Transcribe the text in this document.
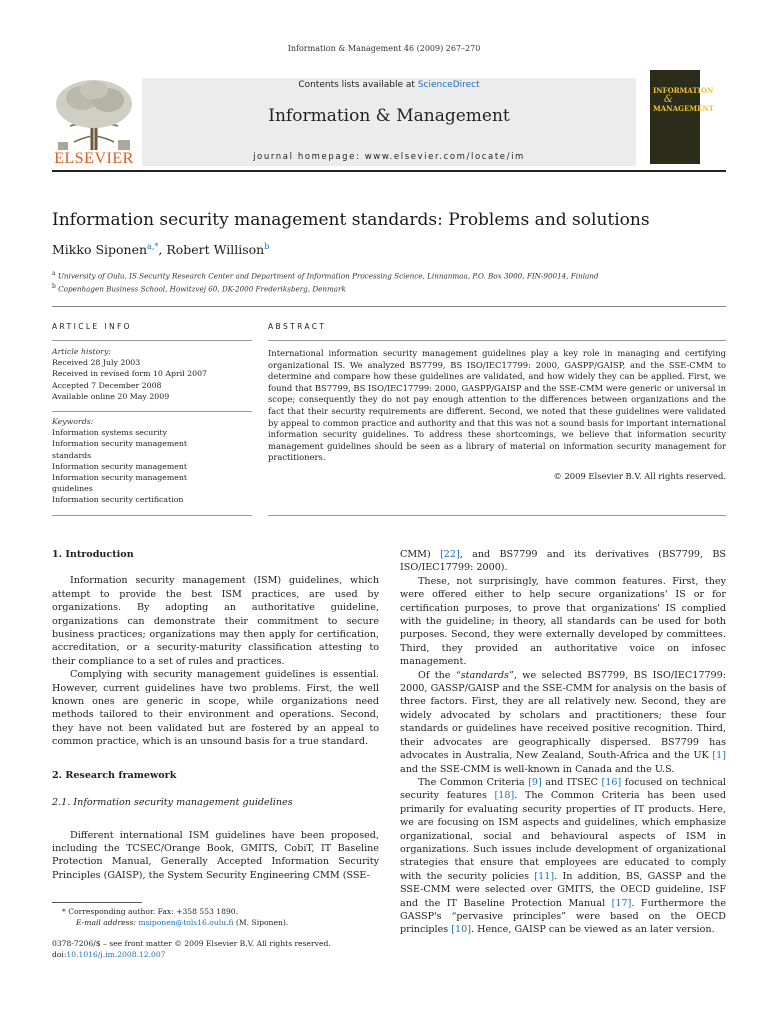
Information & Management 46 (2009) 267–270
ELSEVIER
Contents lists available at ScienceDirect
Information & Management
journal homepage: www.elsevier.com/locate/im
INFORMATION
&
MANAGEMENT
Information security management standards: Problems and solutions
Mikko Siponen$^{a,*}$, Robert Willison$^b$
$^a$ University of Oulu, IS Security Research Center and Department of Information Processing Science, Linnanmaa, P.O. Box 3000, FIN-90014, Finland
$^b$ Copenhagen Business School, Howitzvej 60, DK-2000 Frederiksberg, Denmark
ARTICLE INFO
Article history:
Received 28 July 2003
Received in revised form 10 April 2007
Accepted 7 December 2008
Available online 20 May 2009
Keywords:
Information systems security
Information security management
standards
Information security management
Information security management
guidelines
Information security certification
ABSTRACT
International information security management guidelines play a key role in managing and certifying organizational IS. We analyzed BS7799, BS ISO/IEC17799: 2000, GASPP/GAISP, and the SSE-CMM to determine and compare how these guidelines are validated, and how widely they can be applied. First, we found that BS7799, BS ISO/IEC17799: 2000, GASPP/GAISP and the SSE-CMM were generic or universal in scope; consequently they do not pay enough attention to the differences between organizations and the fact that their security requirements are different. Second, we noted that these guidelines were validated by appeal to common practice and authority and that this was not a sound basis for important international information security guidelines. To address these shortcomings, we believe that information security management guidelines should be seen as a library of material on information security management for practitioners.
© 2009 Elsevier B.V. All rights reserved.
1. Introduction

Information security management (ISM) guidelines, which attempt to provide the best ISM practices, are used by organizations. By adopting an authoritative guideline, organizations can demonstrate their commitment to secure business practices; organizations may then apply for certification, accreditation, or a security-maturity classification attesting to their compliance to a set of rules and practices.

Complying with security management guidelines is essential. However, current guidelines have two problems. First, the well known ones are generic in scope, while organizations need methods tailored to their environment and operations. Second, they have not been validated but are fostered by an appeal to common practice, which is an unsound basis for a true standard.

2. Research framework
2.1. Information security management guidelines

Different international ISM guidelines have been proposed, including the TCSEC/Orange Book, GMITS, CobiT, IT Baseline Protection Manual, Generally Accepted Information Security Principles (GAISP), the System Security Engineering CMM (SSE-

CMM) [22], and BS7799 and its derivatives (BS7799, BS ISO/IEC17799: 2000).

These, not surprisingly, have common features. First, they were offered either to help secure organizations' IS or for certification purposes, to prove that organizations' IS complied with the guideline; in theory, all standards can be used for both purposes. Second, they were externally developed by committees. Third, they provided an authoritative voice on infosec management.

Of the “standards”, we selected BS7799, BS ISO/IEC17799: 2000, GASSP/GAISP and the SSE-CMM for analysis on the basis of three factors. First, they are all relatively new. Second, they are widely advocated by scholars and practitioners; these four standards or guidelines have received positive recognition. Third, their advocates are geographically dispersed. BS7799 has advocates in Australia, New Zealand, South-Africa and the UK [1] and the SSE-CMM is well-known in Canada and the U.S.

The Common Criteria [9] and ITSEC [16] focused on technical security features [18]. The Common Criteria has been used primarily for evaluating security properties of IT products. Here, we are focusing on ISM aspects and guidelines, which emphasize organizational, social and behavioural aspects of ISM in organizations. Such issues include development of organizational strategies that ensure that employees are educated to comply with the security policies [11]. In addition, BS, GASSP and the SSE-CMM were selected over GMITS, the OECD guideline, ISF and the IT Baseline Protection Manual [17]. Furthermore the GASSP's “pervasive principles” were based on the OECD principles [10]. Hence, GAISP can be viewed as an later version.

* Corresponding author. Fax: +358 553 1890.
E-mail address: msiponen@tols16.oulu.fi (M. Siponen).
0378-7206/$ – see front matter © 2009 Elsevier B.V. All rights reserved.
doi:10.1016/j.im.2008.12.007
